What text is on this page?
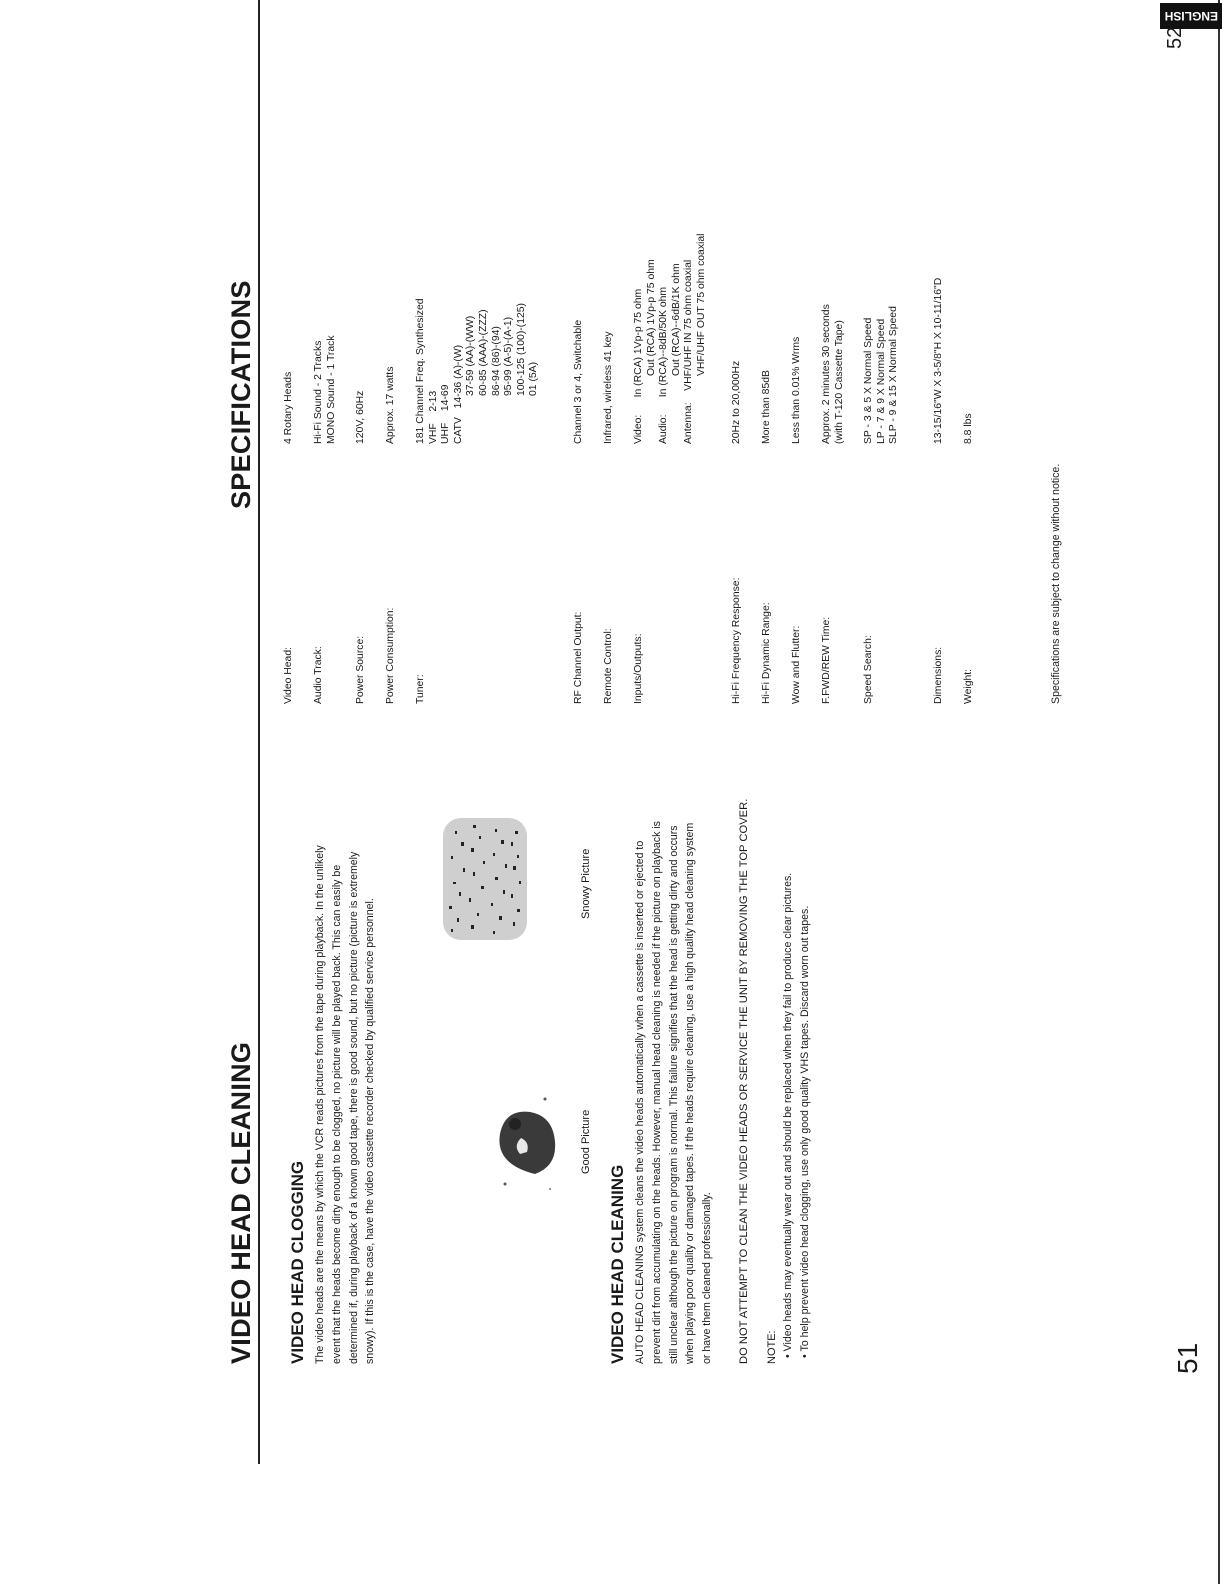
ENGLISH
52
VIDEO HEAD CLEANING
SPECIFICATIONS
VIDEO HEAD CLOGGING The video heads are the means by which the VCR reads pictures from the tape during playback. In the unlikely event that the heads become dirty enough to be clogged, no picture will be played back. This can easily be determined if, during playback of a known good tape, there is good sound, but no picture (picture is extremely snowy). If this is the case, have the video cassette recorder checked by qualified service personnel.	Good Picture
Snowy Picture
VIDEO HEAD CLEANING AUTO HEAD CLEANING system cleans the video heads automatically when a cassette is inserted or ejected to prevent dirt from accumulating on the heads. However, manual head cleaning is needed if the picture on playback is still unclear although the picture on program is normal. This failure signifies that the head is getting dirty and occurs when playing poor quality or damaged tapes. If the heads require cleaning, use a high quality head cleaning system or have them cleaned professionally. DO NOT ATTEMPT TO CLEAN THE VIDEO HEADS OR SERVICE THE UNIT BY REMOVING THE TOP COVER. NOTE: • Video heads may eventually wear out and should be replaced when they fail to produce clear pictures. • To help prevent video head clogging, use only good quality VHS tapes. Discard worn out tapes.
Video Head:
4 Rotary Heads
Audio Track:
Hi-Fi Sound - 2 Tracks MONO Sound - 1 Track
Power Source:
120V, 60Hz
Power Consumption:
Approx. 17 watts
Tuner:
181 Channel Freq. Synthesized VHF    2-13 UHF    14-69 CATV   14-36 (A)-(W) 37-59 (AA)-(WW) 60-85 (AAA)-(ZZZ) 86-94 (86)-(94) 95-99 (A-5)-(A-1) 100-125 (100)-(125) 01 (5A)
RF Channel Output:
Channel 3 or 4, Switchable
Remote Control:
Infrared, wireless 41 key
Inputs/Outputs:
Video:      In (RCA) 1Vp-p 75 ohm Out (RCA) 1Vp-p 75 ohm Audio:      In (RCA)--8dB/50K ohm Out (RCA)--6dB/1K ohm Antenna:    VHF/UHF IN 75 ohm coaxial VHF/UHF OUT 75 ohm coaxial
Hi-Fi Frequency Response:
20Hz to 20,000Hz
Hi-Fi Dynamic Range:
More than 85dB
Wow and Flutter:
Less than 0.01% Wrms
F.FWD/REW Time:
Approx. 2 minutes 30 seconds (with T-120 Cassette Tape)
Speed Search:
SP - 3 & 5 X Normal Speed LP - 7 & 9 X Normal Speed SLP - 9 & 15 X Normal Speed
Dimensions:
13-15/16"W X 3-5/8"H X 10-11/16"D
Weight:
8.8 lbs
Specifications are subject to change without notice.
51
